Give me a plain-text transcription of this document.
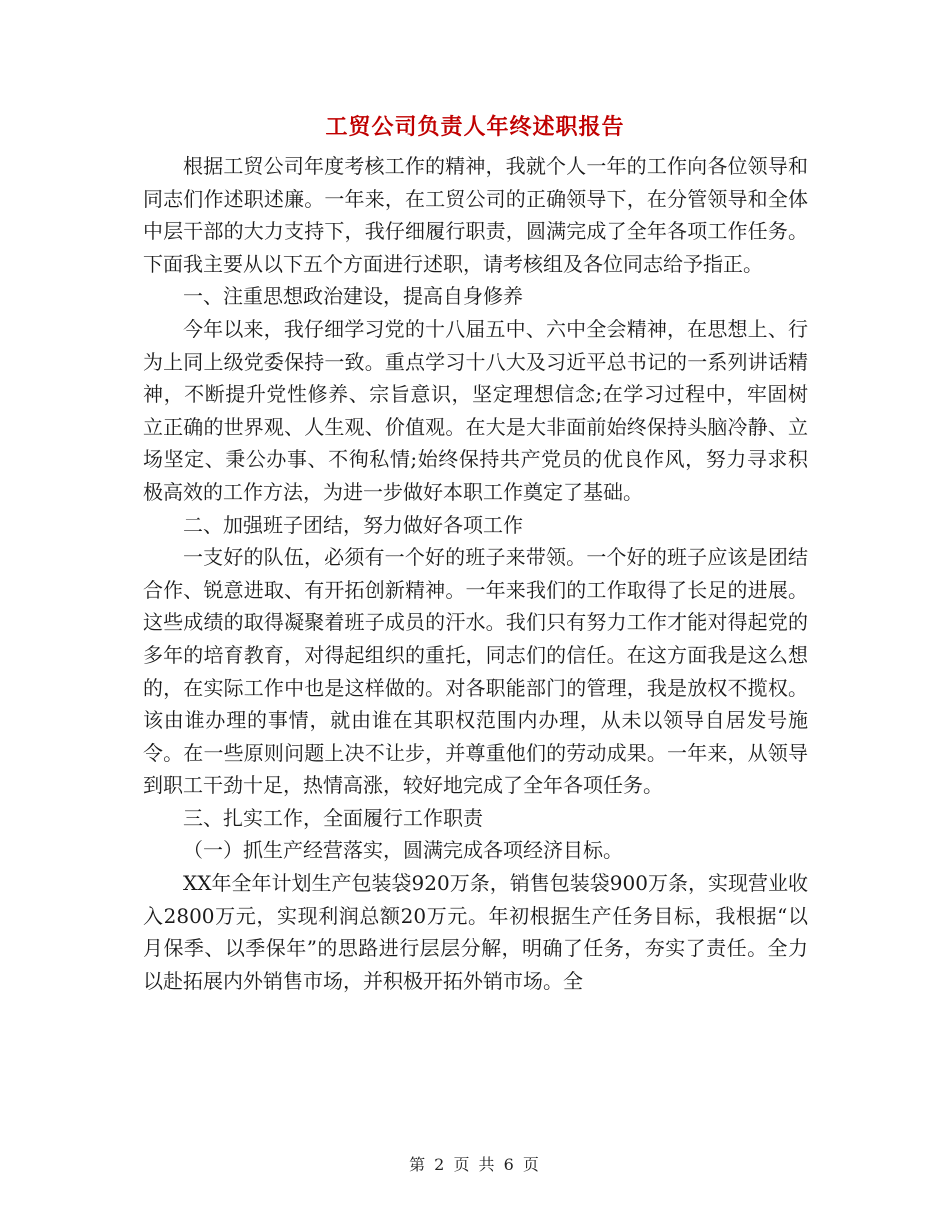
工贸公司负责人年终述职报告

根据工贸公司年度考核工作的精神，我就个人一年的工作向各位领导和同志们作述职述廉。一年来，在工贸公司的正确领导下，在分管领导和全体中层干部的大力支持下，我仔细履行职责，圆满完成了全年各项工作任务。下面我主要从以下五个方面进行述职，请考核组及各位同志给予指正。

一、注重思想政治建设，提高自身修养

今年以来，我仔细学习党的十八届五中、六中全会精神，在思想上、行为上同上级党委保持一致。重点学习十八大及习近平总书记的一系列讲话精神，不断提升党性修养、宗旨意识，坚定理想信念;在学习过程中，牢固树立正确的世界观、人生观、价值观。在大是大非面前始终保持头脑冷静、立场坚定、秉公办事、不徇私情;始终保持共产党员的优良作风，努力寻求积极高效的工作方法，为进一步做好本职工作奠定了基础。

二、加强班子团结，努力做好各项工作

一支好的队伍，必须有一个好的班子来带领。一个好的班子应该是团结合作、锐意进取、有开拓创新精神。一年来我们的工作取得了长足的进展。这些成绩的取得凝聚着班子成员的汗水。我们只有努力工作才能对得起党的多年的培育教育，对得起组织的重托，同志们的信任。在这方面我是这么想的，在实际工作中也是这样做的。对各职能部门的管理，我是放权不揽权。该由谁办理的事情，就由谁在其职权范围内办理，从未以领导自居发号施令。在一些原则问题上决不让步，并尊重他们的劳动成果。一年来，从领导到职工干劲十足，热情高涨，较好地完成了全年各项任务。

三、扎实工作，全面履行工作职责

（一）抓生产经营落实，圆满完成各项经济目标。

XX年全年计划生产包装袋920万条，销售包装袋900万条，实现营业收入2800万元，实现利润总额20万元。年初根据生产任务目标，我根据“以月保季、以季保年”的思路进行层层分解，明确了任务，夯实了责任。全力以赴拓展内外销售市场，并积极开拓外销市场。全

第 2 页 共 6 页
